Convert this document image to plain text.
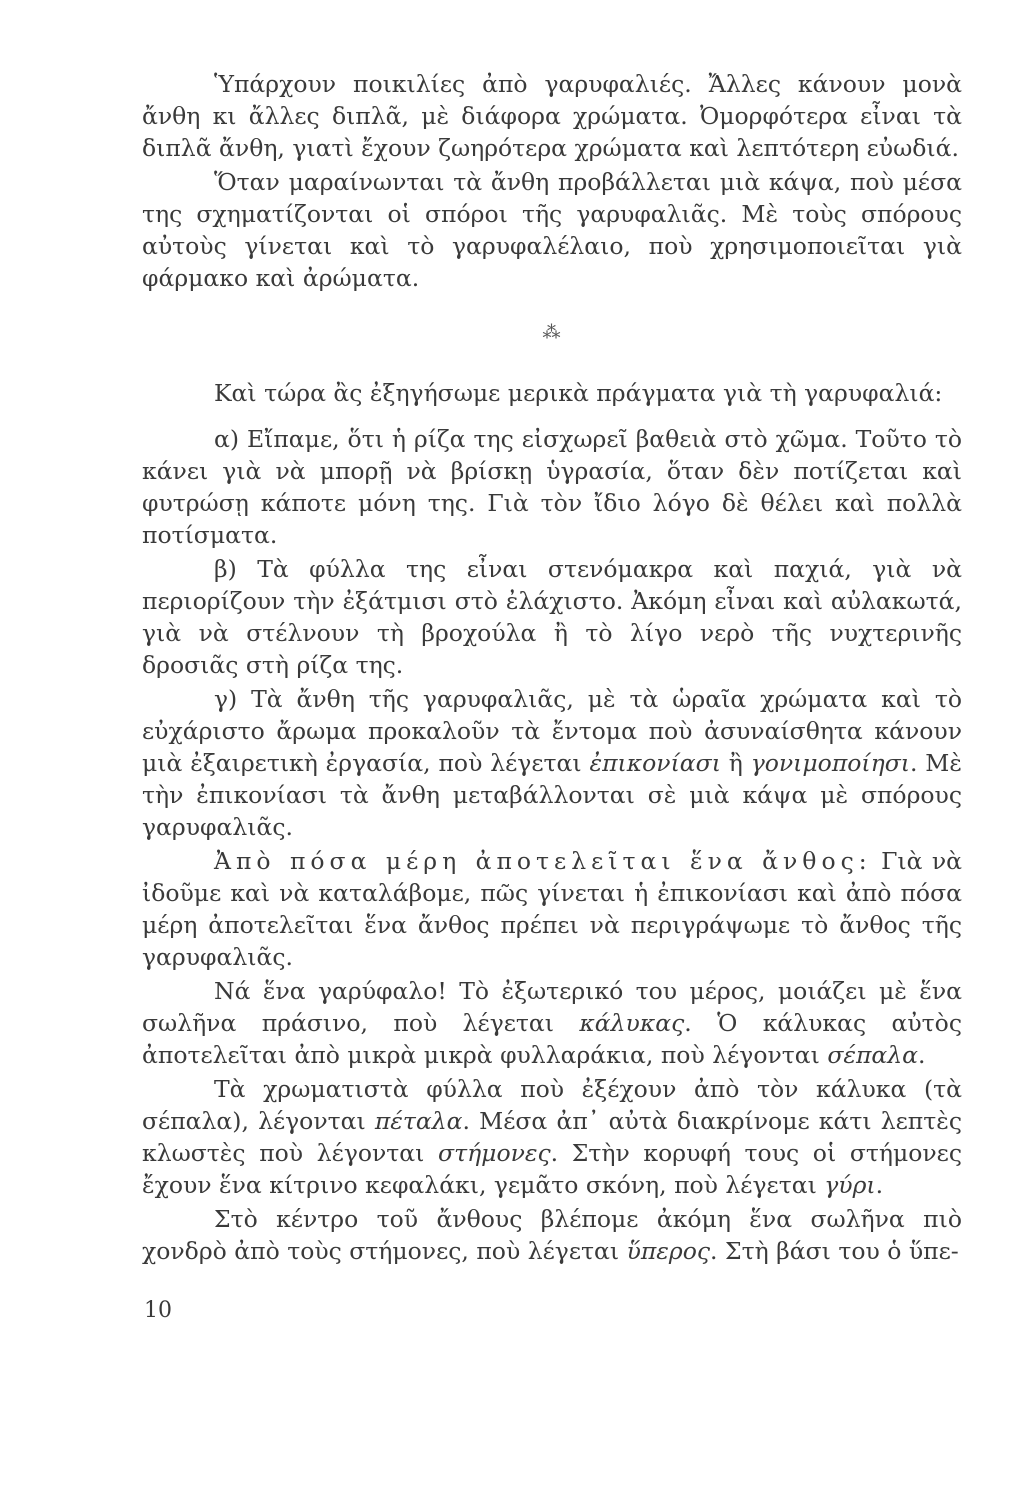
Ὑπάρχουν ποικιλίες ἀπὸ γαρυφαλιές. Ἄλλες κάνουν μονὰ ἄνθη κι ἄλλες διπλᾶ, μὲ διάφορα χρώματα. Ὀμορφότερα εἶναι τὰ διπλᾶ ἄνθη, γιατὶ ἔχουν ζωηρότερα χρώματα καὶ λεπτότερη εὐωδιά.

Ὅταν μαραίνωνται τὰ ἄνθη προβάλλεται μιὰ κάψα, ποὺ μέσα της σχηματίζονται οἱ σπόροι τῆς γαρυφαλιᾶς. Μὲ τοὺς σπόρους αὐτοὺς γίνεται καὶ τὸ γαρυφαλέλαιο, ποὺ χρησιμοποιεῖται γιὰ φάρμακο καὶ ἀρώματα.

⁂

Καὶ τώρα ἂς ἐξηγήσωμε μερικὰ πράγματα γιὰ τὴ γαρυφαλιά:

α) Εἴπαμε, ὅτι ἡ ρίζα της εἰσχωρεῖ βαθειὰ στὸ χῶμα. Τοῦτο τὸ κάνει γιὰ νὰ μπορῇ νὰ βρίσκῃ ὑγρασία, ὅταν δὲν ποτίζεται καὶ φυτρώσῃ κάποτε μόνη της. Γιὰ τὸν ἴδιο λόγο δὲ θέλει καὶ πολλὰ ποτίσματα.

β) Τὰ φύλλα της εἶναι στενόμακρα καὶ παχιά, γιὰ νὰ περιορίζουν τὴν ἐξάτμισι στὸ ἐλάχιστο. Ἀκόμη εἶναι καὶ αὐλακωτά, γιὰ νὰ στέλνουν τὴ βροχούλα ἢ τὸ λίγο νερὸ τῆς νυχτερινῆς δροσιᾶς στὴ ρίζα της.

γ) Τὰ ἄνθη τῆς γαρυφαλιᾶς, μὲ τὰ ὡραῖα χρώματα καὶ τὸ εὐχάριστο ἄρωμα προκαλοῦν τὰ ἔντομα ποὺ ἀσυναίσθητα κάνουν μιὰ ἐξαιρετικὴ ἐργασία, ποὺ λέγεται ἐπικονίασι ἢ γονιμοποίησι. Μὲ τὴν ἐπικονίασι τὰ ἄνθη μεταβάλλονται σὲ μιὰ κάψα μὲ σπόρους γαρυφαλιᾶς.

Ἀπὸ πόσα μέρη ἀποτελεῖται ἕνα ἄνθος: Γιὰ νὰ ἰδοῦμε καὶ νὰ καταλάβομε, πῶς γίνεται ἡ ἐπικονίασι καὶ ἀπὸ πόσα μέρη ἀποτελεῖται ἕνα ἄνθος πρέπει νὰ περιγράψωμε τὸ ἄνθος τῆς γαρυφαλιᾶς.

Νά ἕνα γαρύφαλο! Τὸ ἐξωτερικό του μέρος, μοιάζει μὲ ἕνα σωλῆνα πράσινο, ποὺ λέγεται κάλυκας. Ὁ κάλυκας αὐτὸς ἀποτελεῖται ἀπὸ μικρὰ μικρὰ φυλλαράκια, ποὺ λέγονται σέπαλα.

Τὰ χρωματιστὰ φύλλα ποὺ ἐξέχουν ἀπὸ τὸν κάλυκα (τὰ σέπαλα), λέγονται πέταλα. Μέσα ἀπ᾿ αὐτὰ διακρίνομε κάτι λεπτὲς κλωστὲς ποὺ λέγονται στήμονες. Στὴν κορυφή τους οἱ στήμονες ἔχουν ἕνα κίτρινο κεφαλάκι, γεμᾶτο σκόνη, ποὺ λέγεται γύρι.

Στὸ κέντρο τοῦ ἄνθους βλέπομε ἀκόμη ἕνα σωλῆνα πιὸ χονδρὸ ἀπὸ τοὺς στήμονες, ποὺ λέγεται ὕπερος. Στὴ βάσι του ὁ ὕπε-

10
